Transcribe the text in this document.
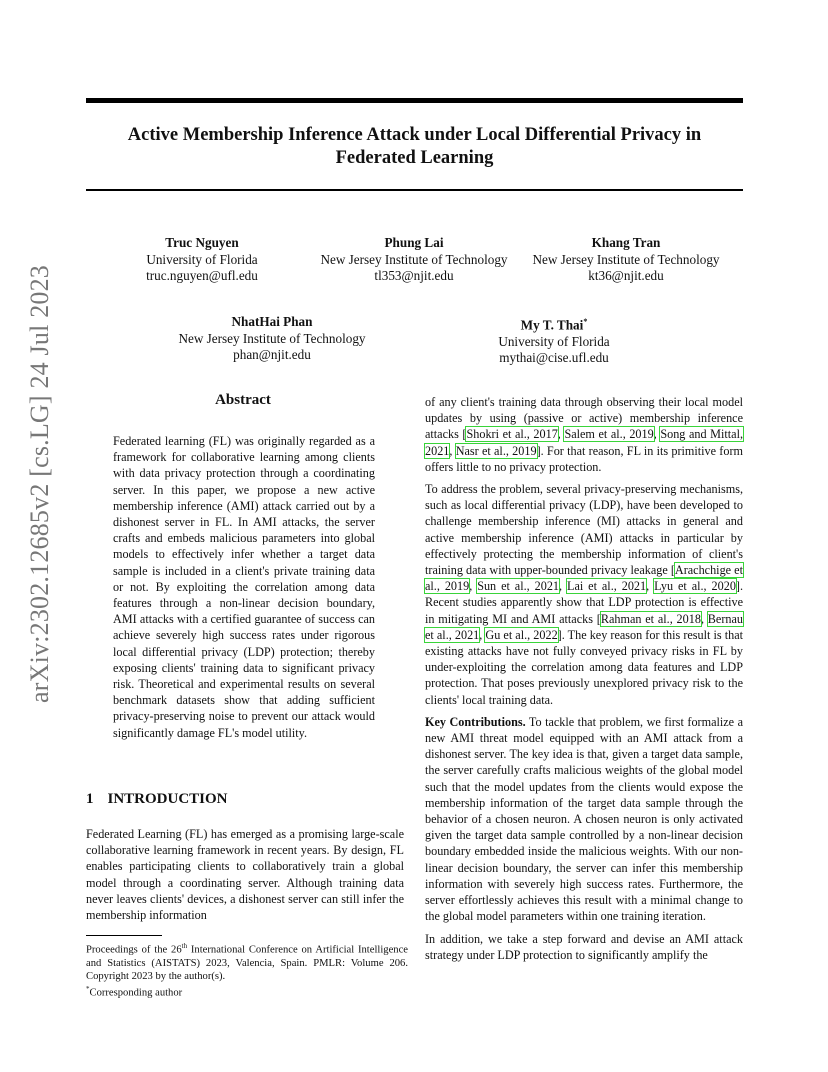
Active Membership Inference Attack under Local Differential Privacy in Federated Learning
arXiv:2302.12685v2 [cs.LG] 24 Jul 2023
Truc Nguyen
University of Florida
truc.nguyen@ufl.edu
Phung Lai
New Jersey Institute of Technology
tl353@njit.edu
Khang Tran
New Jersey Institute of Technology
kt36@njit.edu
NhatHai Phan
New Jersey Institute of Technology
phan@njit.edu
My T. Thai*
University of Florida
mythai@cise.ufl.edu
Abstract

Federated learning (FL) was originally regarded as a framework for collaborative learning among clients with data privacy protection through a coordinating server. In this paper, we propose a new active membership inference (AMI) attack carried out by a dishonest server in FL. In AMI attacks, the server crafts and embeds malicious parameters into global models to effectively infer whether a target data sample is included in a client's private training data or not. By exploiting the correlation among data features through a non-linear decision boundary, AMI attacks with a certified guarantee of success can achieve severely high success rates under rigorous local differential privacy (LDP) protection; thereby exposing clients' training data to significant privacy risk. Theoretical and experimental results on several benchmark datasets show that adding sufficient privacy-preserving noise to prevent our attack would significantly damage FL's model utility.

1 INTRODUCTION

Federated Learning (FL) has emerged as a promising large-scale collaborative learning framework in recent years. By design, FL enables participating clients to collaboratively train a global model through a coordinating server. Although training data never leaves clients' devices, a dishonest server can still infer the membership information

Proceedings of the 26th International Conference on Artificial Intelligence and Statistics (AISTATS) 2023, Valencia, Spain. PMLR: Volume 206. Copyright 2023 by the author(s).

*Corresponding author

of any client's training data through observing their local model updates by using (passive or active) membership inference attacks [Shokri et al., 2017, Salem et al., 2019, Song and Mittal, 2021, Nasr et al., 2019]. For that reason, FL in its primitive form offers little to no privacy protection.

To address the problem, several privacy-preserving mechanisms, such as local differential privacy (LDP), have been developed to challenge membership inference (MI) attacks in general and active membership inference (AMI) attacks in particular by effectively protecting the membership information of client's training data with upper-bounded privacy leakage [Arachchige et al., 2019, Sun et al., 2021, Lai et al., 2021, Lyu et al., 2020]. Recent studies apparently show that LDP protection is effective in mitigating MI and AMI attacks [Rahman et al., 2018, Bernau et al., 2021, Gu et al., 2022]. The key reason for this result is that existing attacks have not fully conveyed privacy risks in FL by under-exploiting the correlation among data features and LDP protection. That poses previously unexplored privacy risk to the clients' local training data.

Key Contributions. To tackle that problem, we first formalize a new AMI threat model equipped with an AMI attack from a dishonest server. The key idea is that, given a target data sample, the server carefully crafts malicious weights of the global model such that the model updates from the clients would expose the membership information of the target data sample through the behavior of a chosen neuron. A chosen neuron is only activated given the target data sample controlled by a non-linear decision boundary embedded inside the malicious weights. With our non-linear decision boundary, the server can infer this membership information with severely high success rates. Furthermore, the server effortlessly achieves this result with a minimal change to the global model parameters within one training iteration.

In addition, we take a step forward and devise an AMI attack strategy under LDP protection to significantly amplify the
